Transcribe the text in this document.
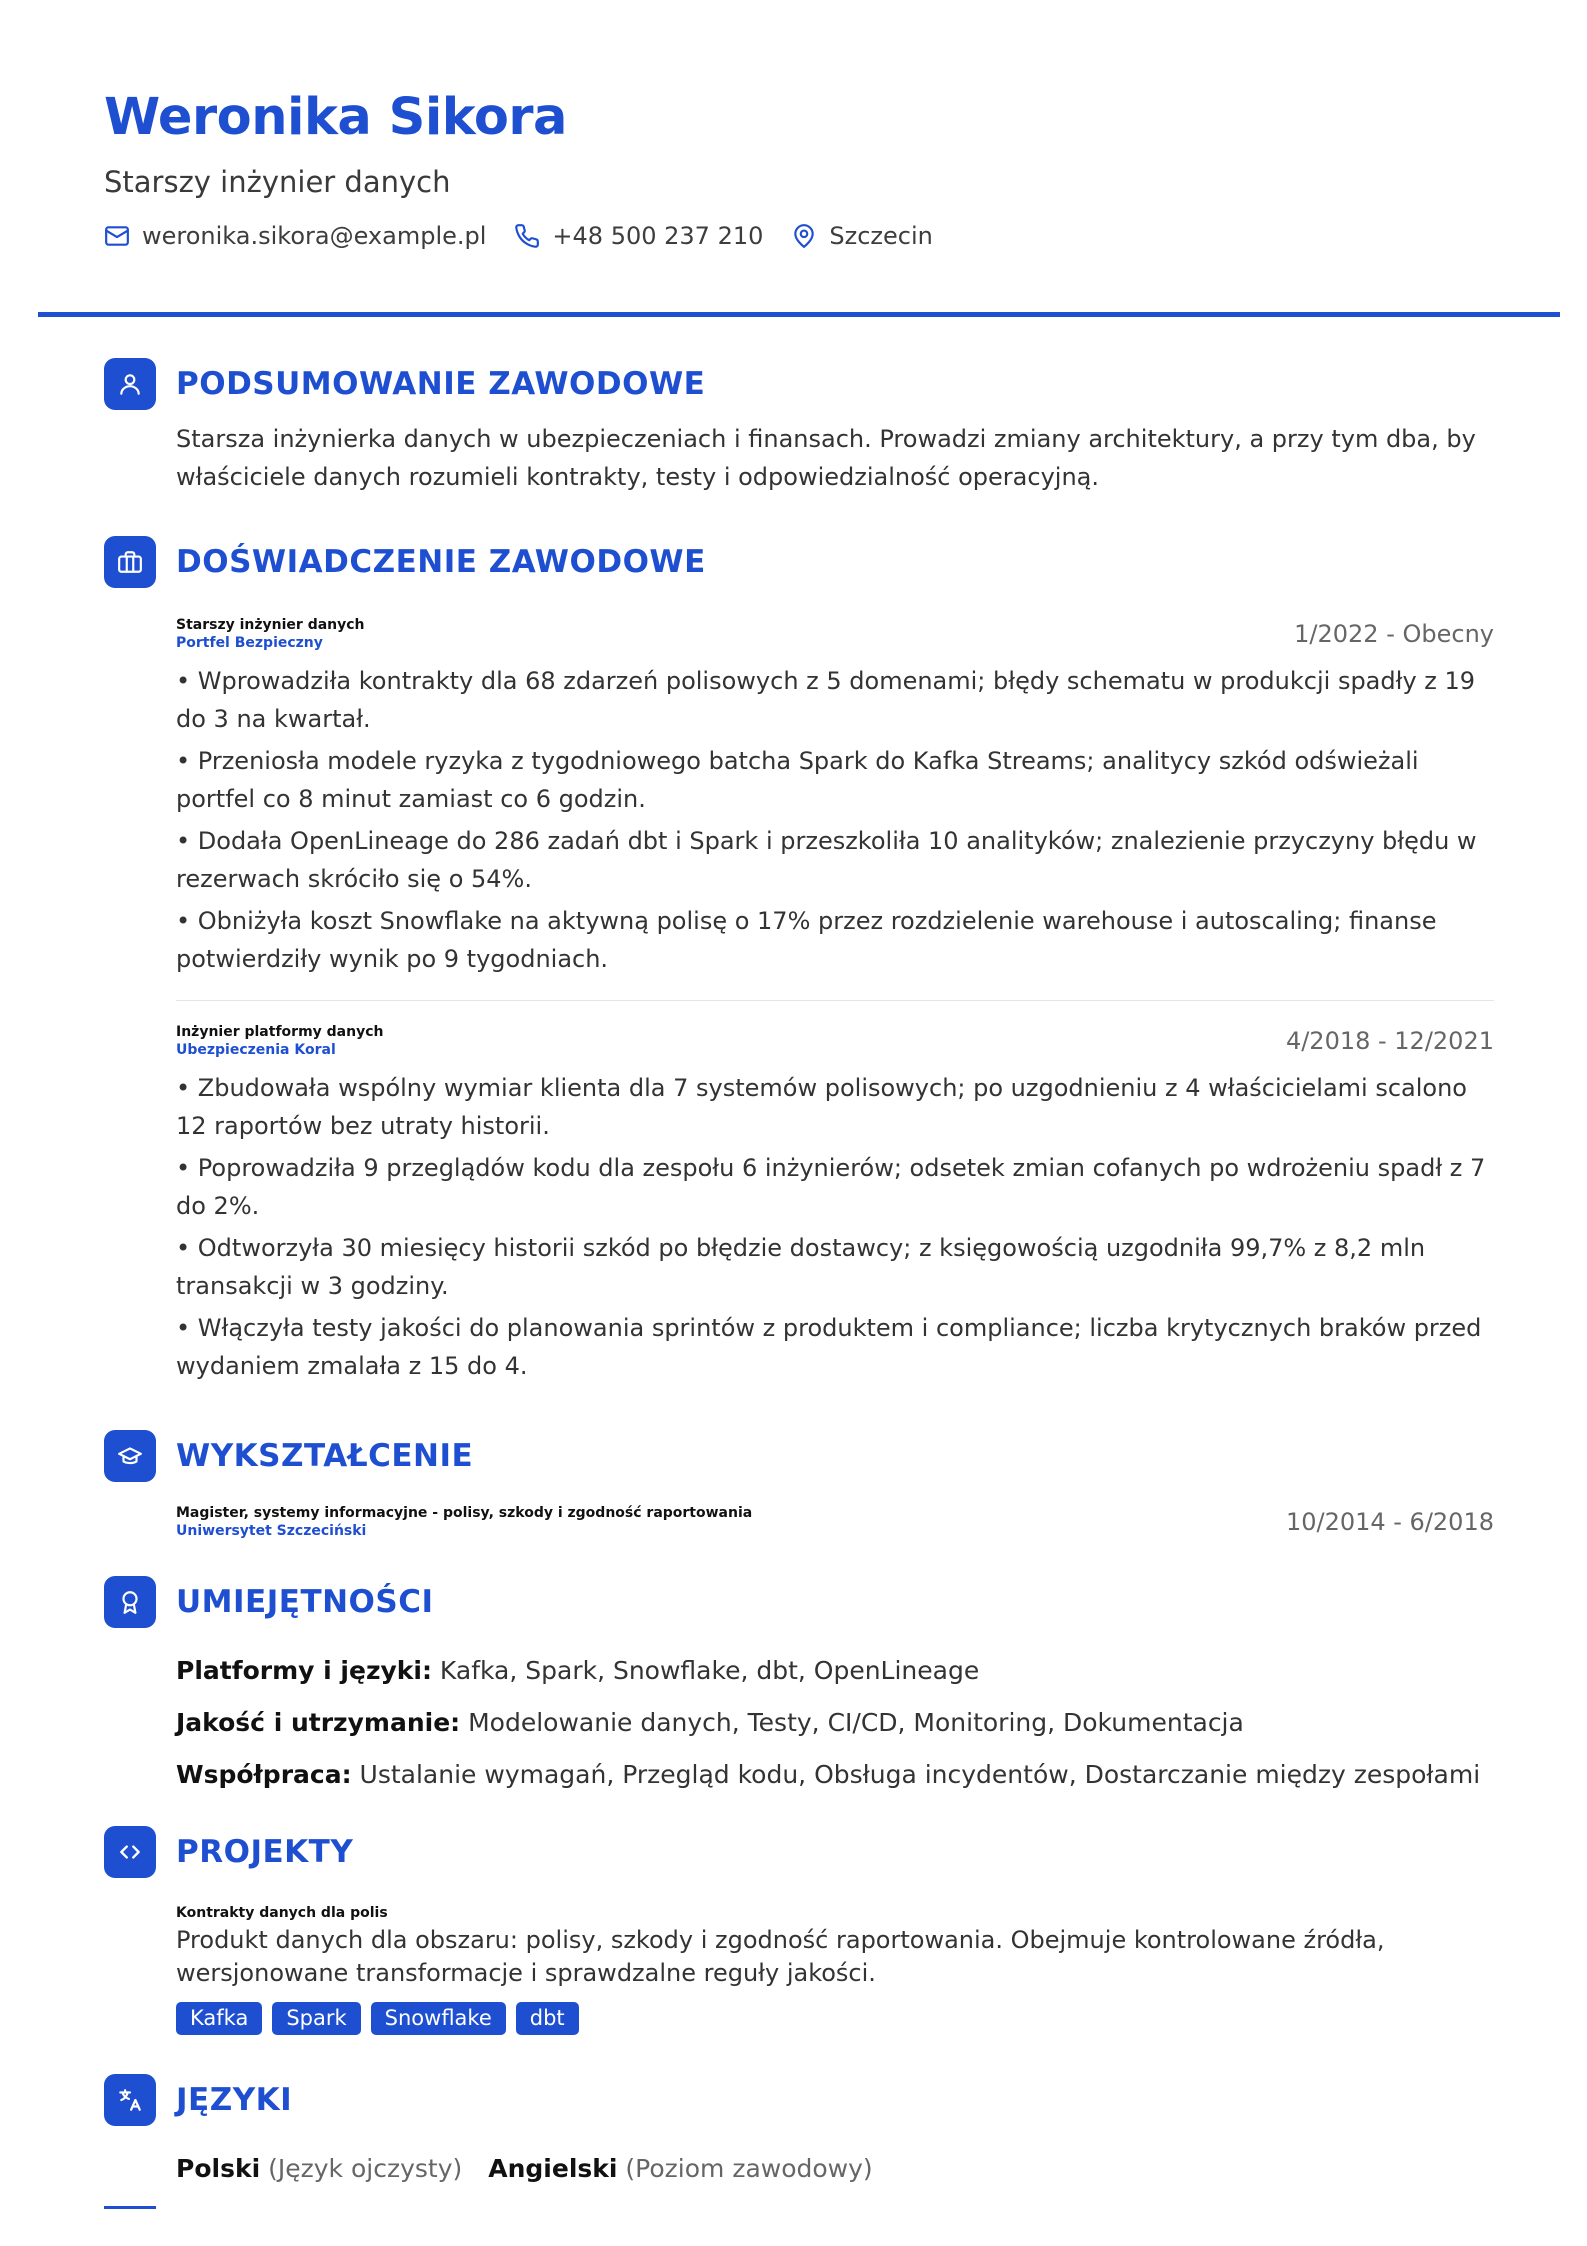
Weronika Sikora
Starszy inżynier danych
weronika.sikora@example.pl	+48 500 237 210	Szczecin
PODSUMOWANIE ZAWODOWE
Starsza inżynierka danych w ubezpieczeniach i finansach. Prowadzi zmiany architektury, a przy tym dba, by właściciele danych rozumieli kontrakty, testy i odpowiedzialność operacyjną.
DOŚWIADCZENIE ZAWODOWE
Starszy inżynier danych
Portfel Bezpieczny	1/2022 - Obecny
• Wprowadziła kontrakty dla 68 zdarzeń polisowych z 5 domenami; błędy schematu w produkcji spadły z 19 do 3 na kwartał.
• Przeniosła modele ryzyka z tygodniowego batcha Spark do Kafka Streams; analitycy szkód odświeżali portfel co 8 minut zamiast co 6 godzin.
• Dodała OpenLineage do 286 zadań dbt i Spark i przeszkoliła 10 analityków; znalezienie przyczyny błędu w rezerwach skróciło się o 54%.
• Obniżyła koszt Snowflake na aktywną polisę o 17% przez rozdzielenie warehouse i autoscaling; finanse potwierdziły wynik po 9 tygodniach.
Inżynier platformy danych
Ubezpieczenia Koral	4/2018 - 12/2021
• Zbudowała wspólny wymiar klienta dla 7 systemów polisowych; po uzgodnieniu z 4 właścicielami scalono 12 raportów bez utraty historii.
• Poprowadziła 9 przeglądów kodu dla zespołu 6 inżynierów; odsetek zmian cofanych po wdrożeniu spadł z 7 do 2%.
• Odtworzyła 30 miesięcy historii szkód po błędzie dostawcy; z księgowością uzgodniła 99,7% z 8,2 mln transakcji w 3 godziny.
• Włączyła testy jakości do planowania sprintów z produktem i compliance; liczba krytycznych braków przed wydaniem zmalała z 15 do 4.
WYKSZTAŁCENIE
Magister, systemy informacyjne - polisy, szkody i zgodność raportowania
Uniwersytet Szczeciński	10/2014 - 6/2018
UMIEJĘTNOŚCI
Platformy i języki: Kafka, Spark, Snowflake, dbt, OpenLineage
Jakość i utrzymanie: Modelowanie danych, Testy, CI/CD, Monitoring, Dokumentacja
Współpraca: Ustalanie wymagań, Przegląd kodu, Obsługa incydentów, Dostarczanie między zespołami
PROJEKTY
Kontrakty danych dla polis
Produkt danych dla obszaru: polisy, szkody i zgodność raportowania. Obejmuje kontrolowane źródła, wersjonowane transformacje i sprawdzalne reguły jakości.
Kafka	Spark	Snowflake	dbt
JĘZYKI
Polski (Język ojczysty) Angielski (Poziom zawodowy)
